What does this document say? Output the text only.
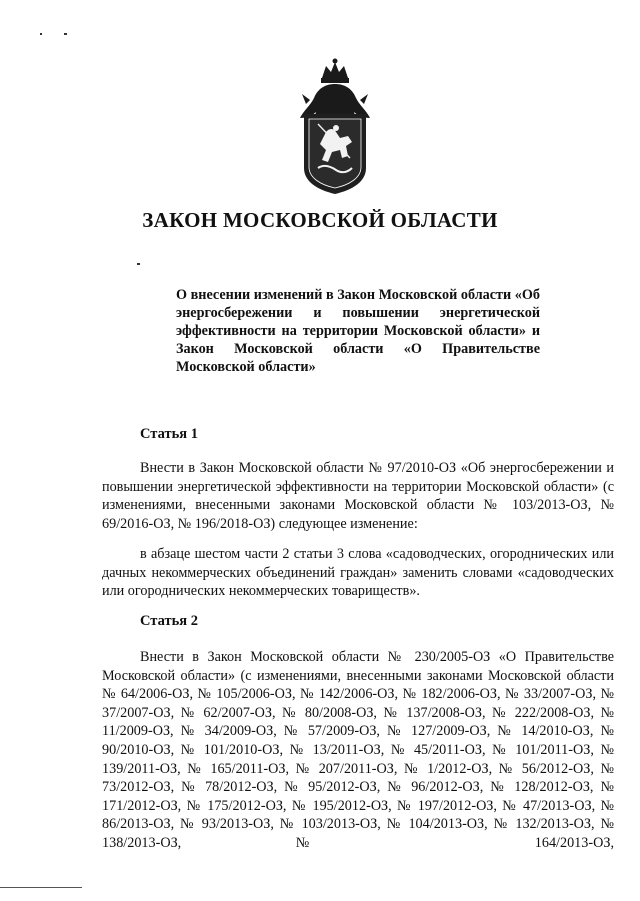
ЗАКОН МОСКОВСКОЙ ОБЛАСТИ
О внесении изменений в Закон Московской области «Об энергосбережении и повышении энергетической эффективности на территории Московской области» и Закон Московской области «О Правительстве Московской области»
Статья 1
Внести в Закон Московской области № 97/2010-ОЗ «Об энергосбережении и повышении энергетической эффективности на территории Московской области» (с изменениями, внесенными законами Московской области № 103/2013-ОЗ, № 69/2016-ОЗ, № 196/2018-ОЗ) следующее изменение:
в абзаце шестом части 2 статьи 3 слова «садоводческих, огороднических или дачных некоммерческих объединений граждан» заменить словами «садоводческих или огороднических некоммерческих товариществ».
Статья 2
Внести в Закон Московской области № 230/2005-ОЗ «О Правительстве Московской области» (с изменениями, внесенными законами Московской области № 64/2006-ОЗ, № 105/2006-ОЗ, № 142/2006-ОЗ, № 182/2006-ОЗ, № 33/2007-ОЗ, № 37/2007-ОЗ, № 62/2007-ОЗ, № 80/2008-ОЗ, № 137/2008-ОЗ, № 222/2008-ОЗ, № 11/2009-ОЗ, № 34/2009-ОЗ, № 57/2009-ОЗ, № 127/2009-ОЗ, № 14/2010-ОЗ, № 90/2010-ОЗ, № 101/2010-ОЗ, № 13/2011-ОЗ, № 45/2011-ОЗ, № 101/2011-ОЗ, № 139/2011-ОЗ, № 165/2011-ОЗ, № 207/2011-ОЗ, № 1/2012-ОЗ, № 56/2012-ОЗ, № 73/2012-ОЗ, № 78/2012-ОЗ, № 95/2012-ОЗ, № 96/2012-ОЗ, № 128/2012-ОЗ, № 171/2012-ОЗ, № 175/2012-ОЗ, № 195/2012-ОЗ, № 197/2012-ОЗ, № 47/2013-ОЗ, № 86/2013-ОЗ, № 93/2013-ОЗ, № 103/2013-ОЗ, № 104/2013-ОЗ, № 132/2013-ОЗ, № 138/2013-ОЗ, № 164/2013-ОЗ,
